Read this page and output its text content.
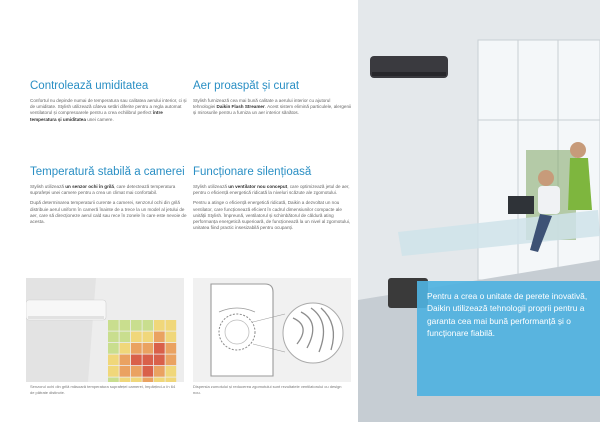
Controlează umiditatea

Confortul nu depinde numai de temperatura sau calitatea aerului interior, ci și de umiditate. Stylish utilizează câteva setări diferite pentru a regla automat ventilatorul și compresoarele pentru a crea echilibrul perfect între temperatura și umiditatea unei camere.

Aer proaspăt și curat

Stylish furnizează cea mai bună calitate a aerului interior cu ajutorul tehnologiei Daikin Flash Streamer. Acest sistem elimină particulele, alergenii și mirosurile pentru a furniza un aer interior sănătos.

Temperatură stabilă a camerei

Stylish utilizează un senzor ochi în grilă, care detectează temperatura suprafeței unei camere pentru a crea un climat mai confortabil.

După determinarea temperaturii curente a camerei, senzorul ochi din grilă distribuie aerul uniform în cameră înainte de a trece la un model al jetului de aer, care să direcționeze aerul cald sau rece în zonele în care este nevoie de acesta.

Funcționare silențioasă

Stylish utilizează un ventilator nou conceput, care optimizează jetul de aer, pentru o eficiență energetică ridicată la niveluri scăzute ale zgomotului.

Pentru a atinge o eficiență energetică ridicată, Daikin a dezvoltat un nou ventilator, care funcționează eficient în cadrul dimensiunilor compacte ale unității Stylish. Împreună, ventilatorul și schimbătorul de căldură ating performanța energetică superioară, de funcționează la un nivel al zgomotului, unitatea fiind practic insesizabilă pentru ocupanți.

Senzorul ochi din grilă măsoară temperatura suprafeței camerei, împărțind-o în 64 de pătrate distincte.

Dispersia zumotului și reducerea zgomotului sunt rezultatele ventilatorului cu design nou.

Pentru a crea o unitate de perete inovativă, Daikin utilizează tehnologii proprii pentru a garanta cea mai bună performanță și o funcționare fiabilă.
